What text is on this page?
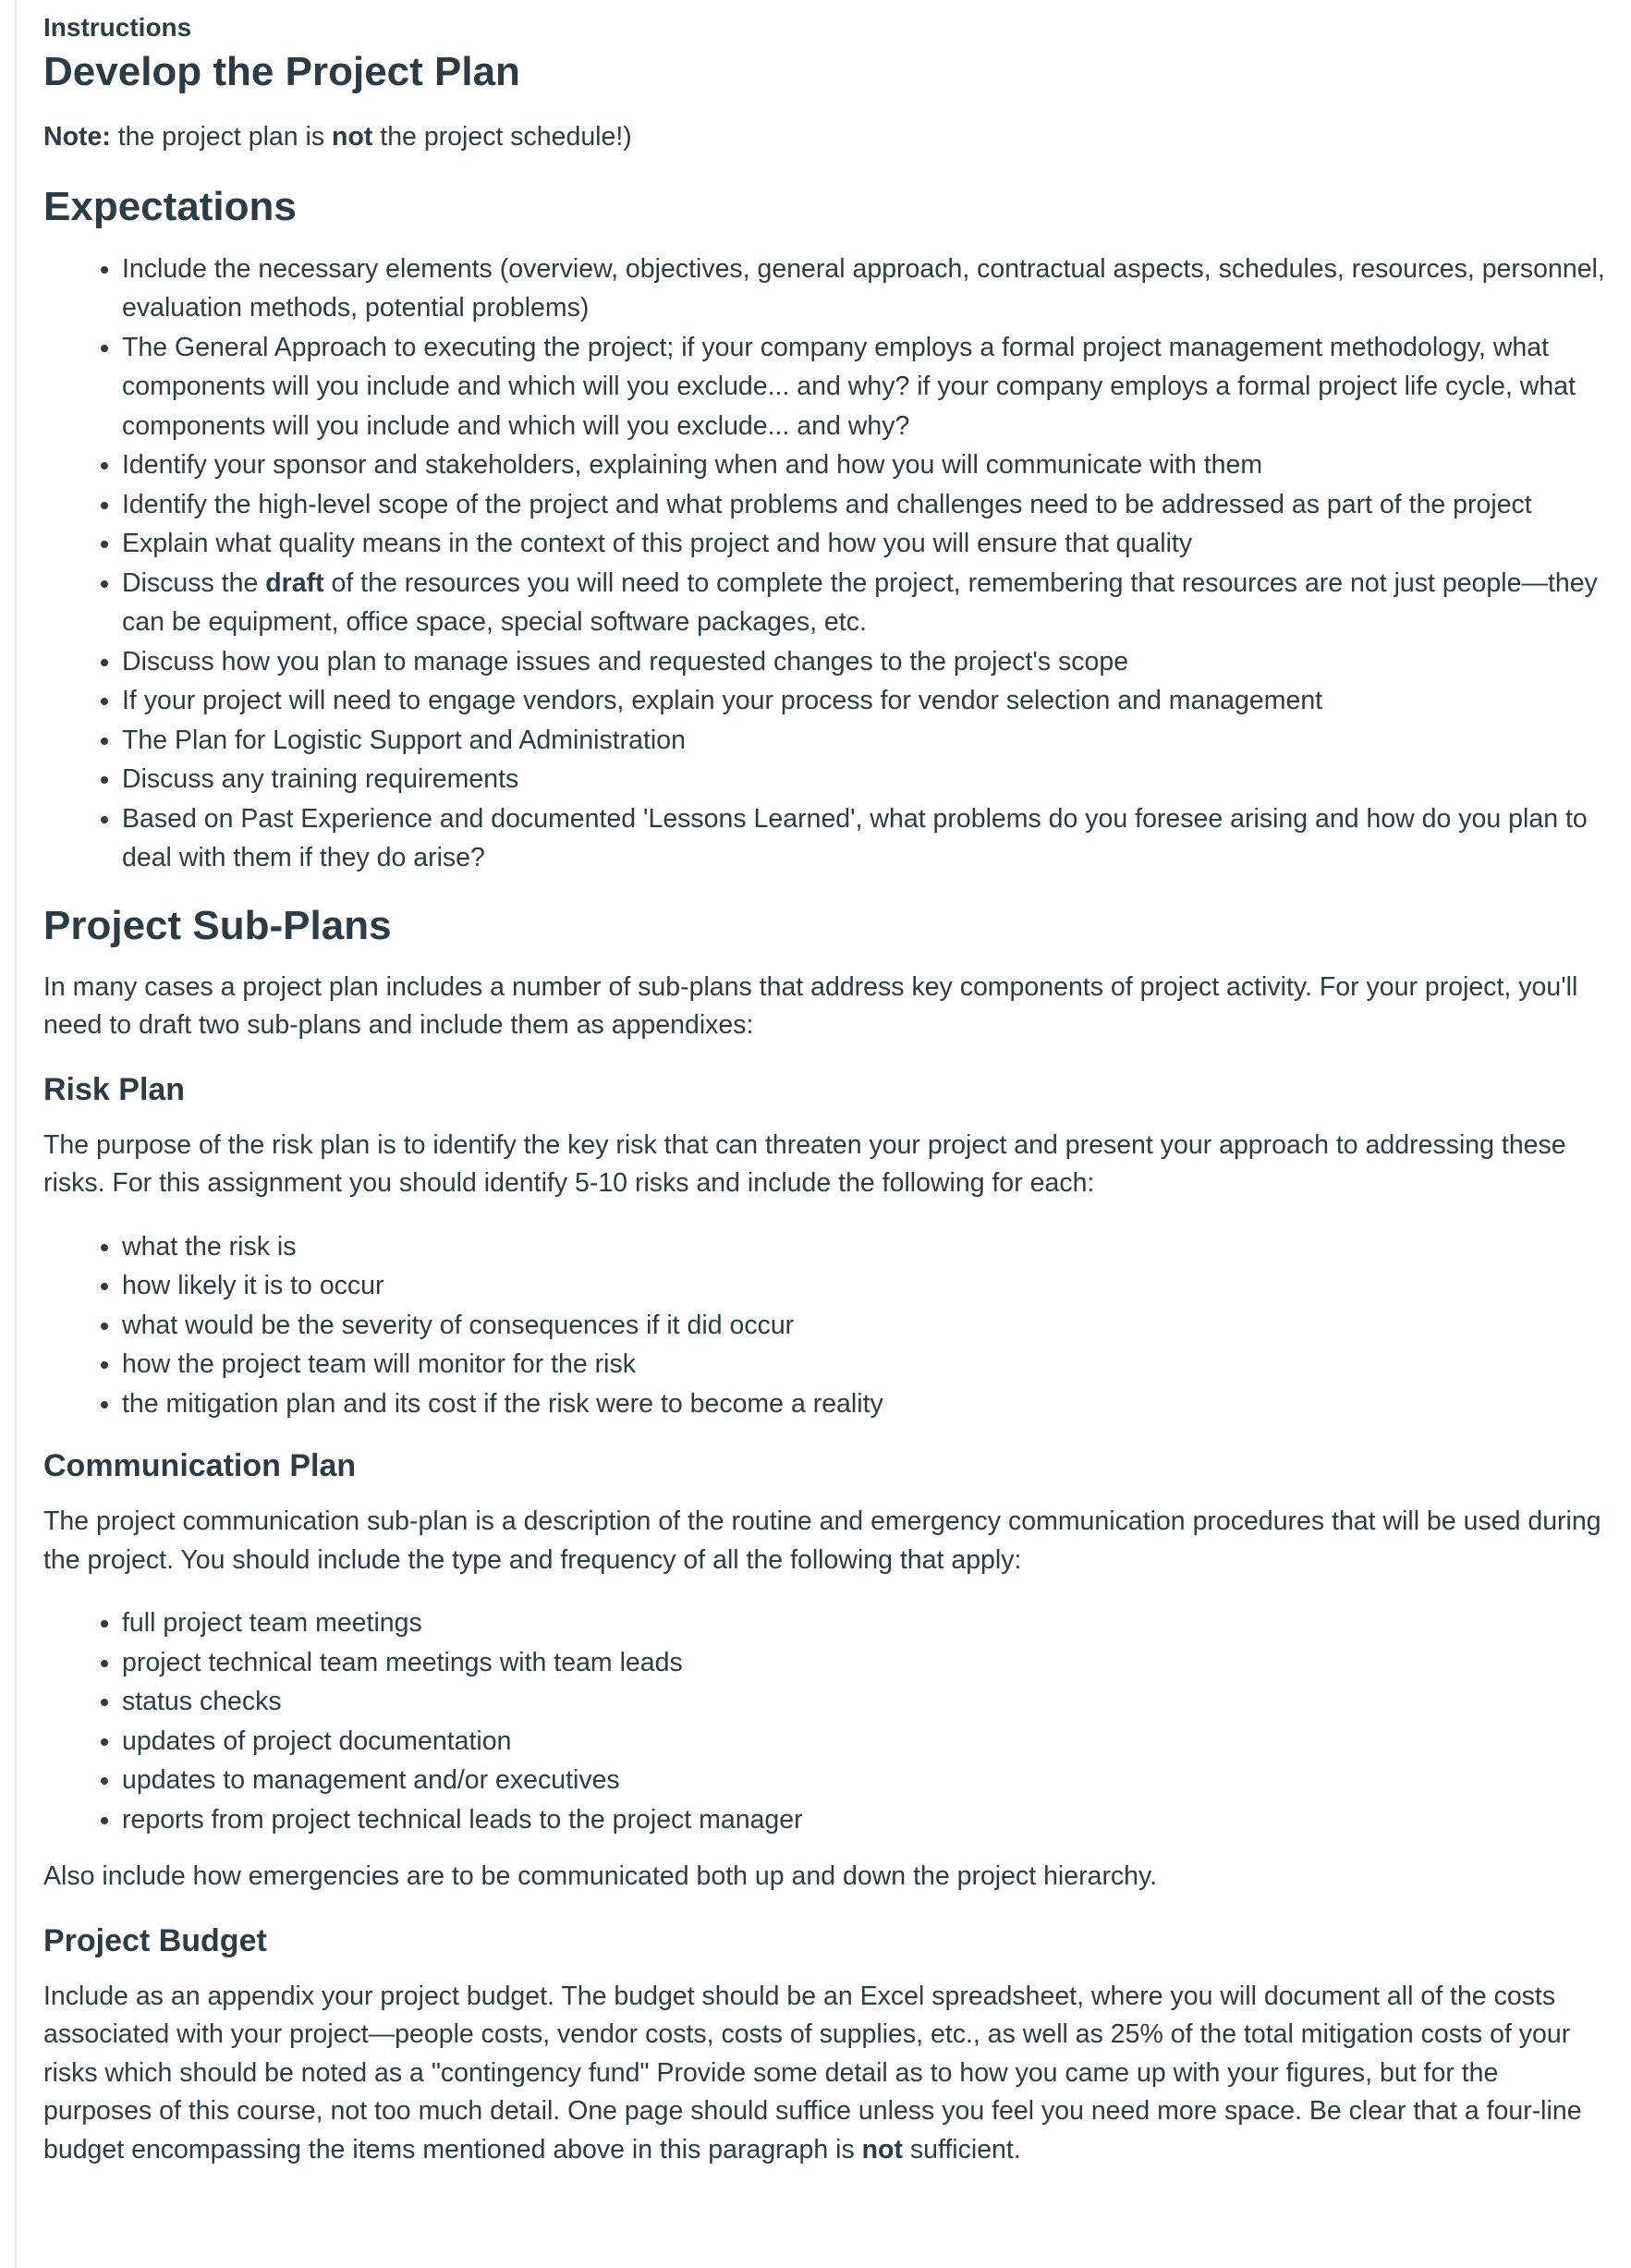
Instructions
Develop the Project Plan

Note: the project plan is not the project schedule!)

Expectations
• Include the necessary elements (overview, objectives, general approach, contractual aspects, schedules, resources, personnel, evaluation methods, potential problems)
• The General Approach to executing the project; if your company employs a formal project management methodology, what components will you include and which will you exclude... and why? if your company employs a formal project life cycle, what components will you include and which will you exclude... and why?
• Identify your sponsor and stakeholders, explaining when and how you will communicate with them
• Identify the high-level scope of the project and what problems and challenges need to be addressed as part of the project
• Explain what quality means in the context of this project and how you will ensure that quality
• Discuss the draft of the resources you will need to complete the project, remembering that resources are not just people—they can be equipment, office space, special software packages, etc.
• Discuss how you plan to manage issues and requested changes to the project's scope
• If your project will need to engage vendors, explain your process for vendor selection and management
• The Plan for Logistic Support and Administration
• Discuss any training requirements
• Based on Past Experience and documented 'Lessons Learned', what problems do you foresee arising and how do you plan to deal with them if they do arise?
Project Sub-Plans

In many cases a project plan includes a number of sub-plans that address key components of project activity. For your project, you'll need to draft two sub-plans and include them as appendixes:

Risk Plan

The purpose of the risk plan is to identify the key risk that can threaten your project and present your approach to addressing these risks. For this assignment you should identify 5-10 risks and include the following for each:

• what the risk is
• how likely it is to occur
• what would be the severity of consequences if it did occur
• how the project team will monitor for the risk
• the mitigation plan and its cost if the risk were to become a reality
Communication Plan

The project communication sub-plan is a description of the routine and emergency communication procedures that will be used during the project. You should include the type and frequency of all the following that apply:

• full project team meetings
• project technical team meetings with team leads
• status checks
• updates of project documentation
• updates to management and/or executives
• reports from project technical leads to the project manager

Also include how emergencies are to be communicated both up and down the project hierarchy.

Project Budget

Include as an appendix your project budget. The budget should be an Excel spreadsheet, where you will document all of the costs associated with your project—people costs, vendor costs, costs of supplies, etc., as well as 25% of the total mitigation costs of your risks which should be noted as a "contingency fund" Provide some detail as to how you came up with your figures, but for the purposes of this course, not too much detail. One page should suffice unless you feel you need more space. Be clear that a four-line budget encompassing the items mentioned above in this paragraph is not sufficient.
